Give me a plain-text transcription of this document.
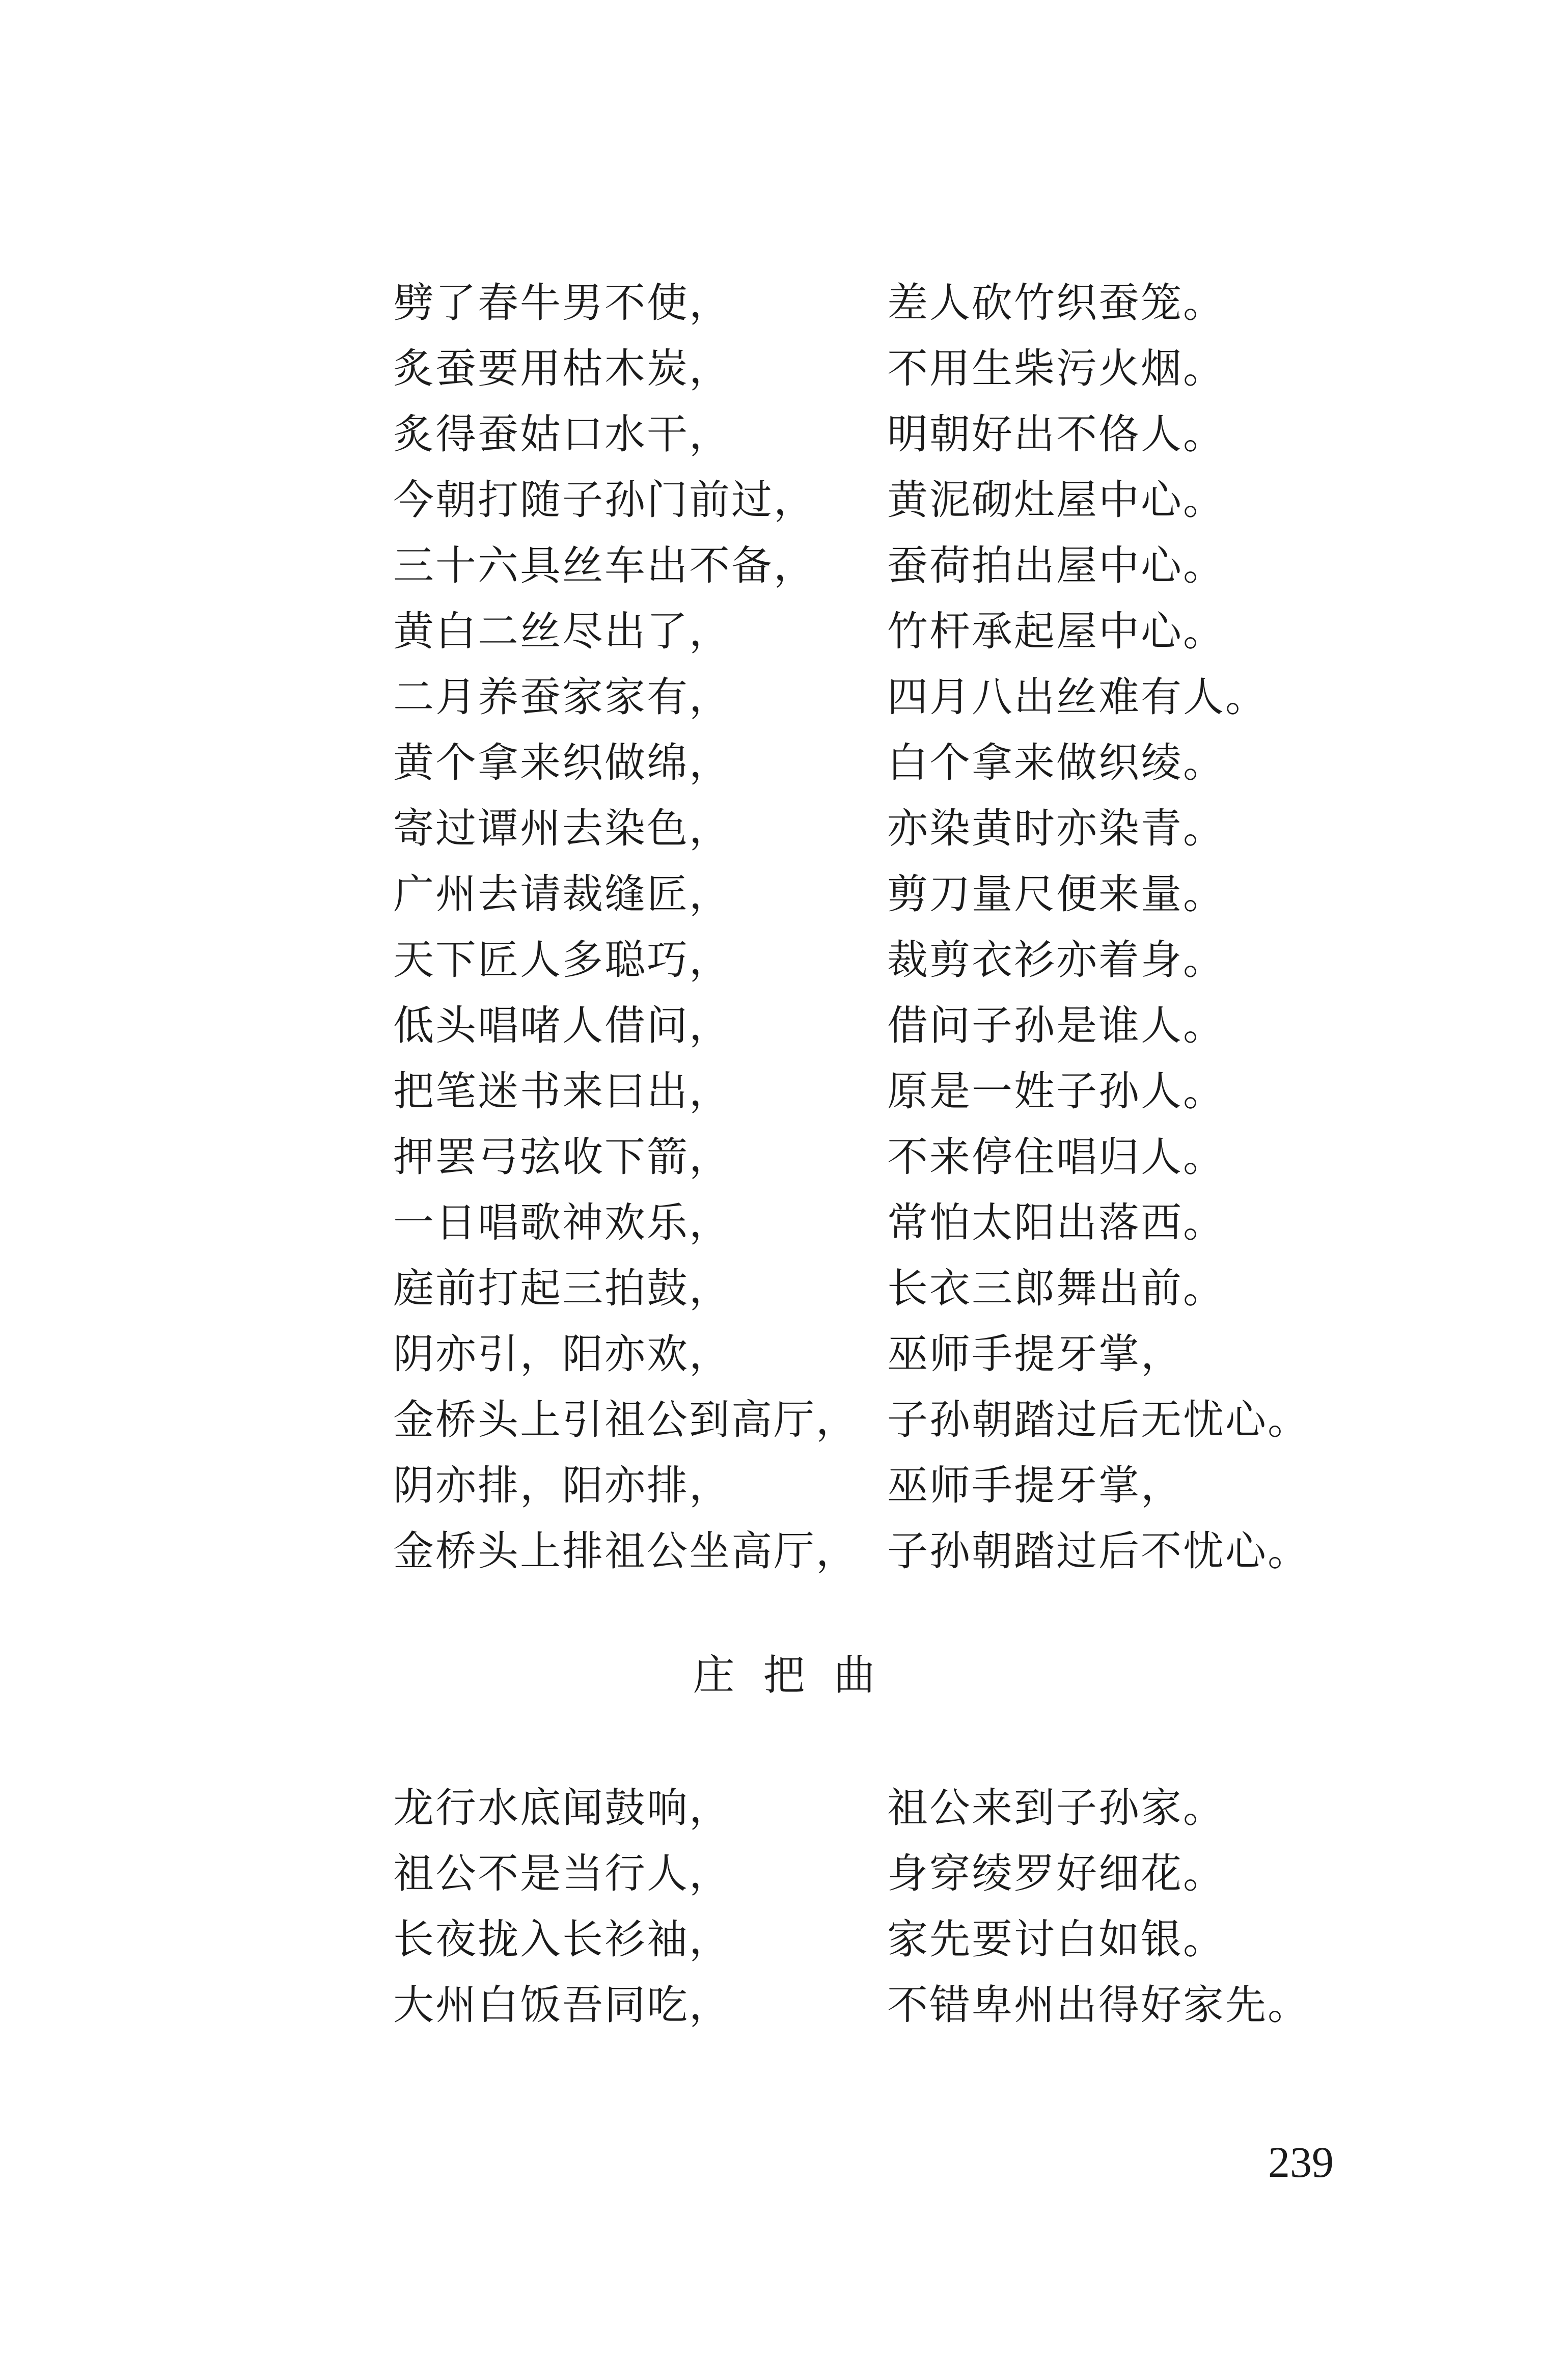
劈了春牛男不使，	差人砍竹织蚕笼。
炙蚕要用枯木炭，	不用生柴污火烟。
炙得蚕姑口水干，	明朝好出不佫人。
今朝打随子孙门前过， 黄泥砌灶屋中心。
三十六具丝车出不备， 蚕荷拍出屋中心。
黄白二丝尽出了，	竹杆承起屋中心。
二月养蚕家家有，	四月八出丝难有人。
黄个拿来织做绵，	白个拿来做织绫。
寄过谭州去染色，	亦染黄时亦染青。
广州去请裁缝匠，	剪刀量尺便来量。
天下匠人多聪巧，	裁剪衣衫亦着身。
低头唱啫人借问，	借问子孙是谁人。
把笔迷书来曰出，	原是一姓子孙人。
押罢弓弦收下箭，	不来停住唱归人。
一日唱歌神欢乐，	常怕太阳出落西。
庭前打起三拍鼓，	长衣三郎舞出前。
阴亦引，阳亦欢，	巫师手提牙掌，
金桥头上引祖公到高厅， 子孙朝踏过后无忧心。
阴亦排，阳亦排，	巫师手提牙掌，
金桥头上排祖公坐高厅， 子孙朝踏过后不忧心。
庄把曲
龙行水底闻鼓响，	祖公来到子孙家。
祖公不是当行人，	身穿绫罗好细花。
长夜拢入长衫袖，	家先要讨白如银。
大州白饭吾同吃，	不错卑州出得好家先。
239
